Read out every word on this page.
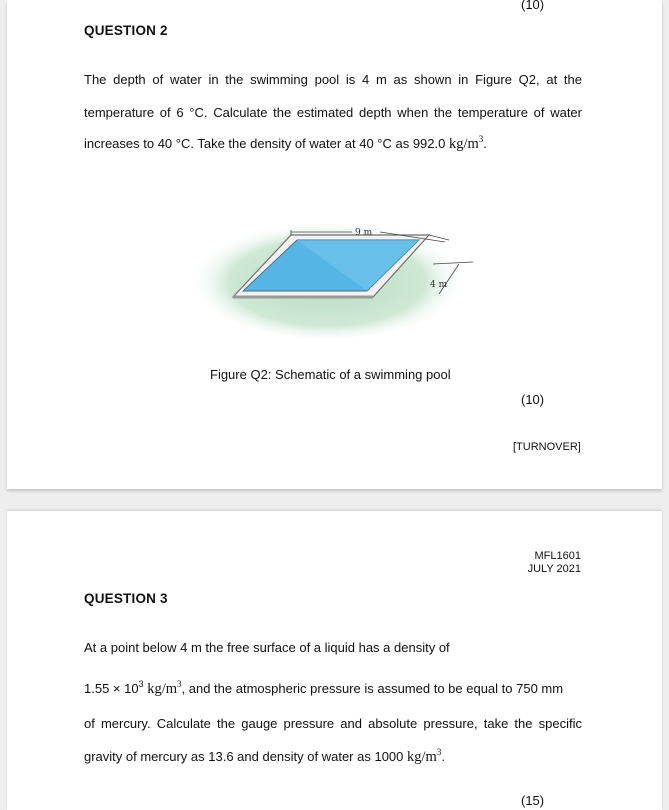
(10)
QUESTION 2
The depth of water in the swimming pool is 4 m as shown in Figure Q2, at the
temperature of 6 °C. Calculate the estimated depth when the temperature of water
increases to 40 °C. Take the density of water at 40 °C as 992.0 $kg/m^3$.
9 m
4 m
Figure Q2: Schematic of a swimming pool
(10)
[TURNOVER]
MFL1601
JULY 2021
QUESTION 3
At a point below 4 m the free surface of a liquid has a density of
$1.55 \times 10^3$ $kg/m^3$, and the atmospheric pressure is assumed to be equal to 750 mm
of mercury. Calculate the gauge pressure and absolute pressure, take the specific
gravity of mercury as 13.6 and density of water as 1000 $kg/m^3$.
(15)
